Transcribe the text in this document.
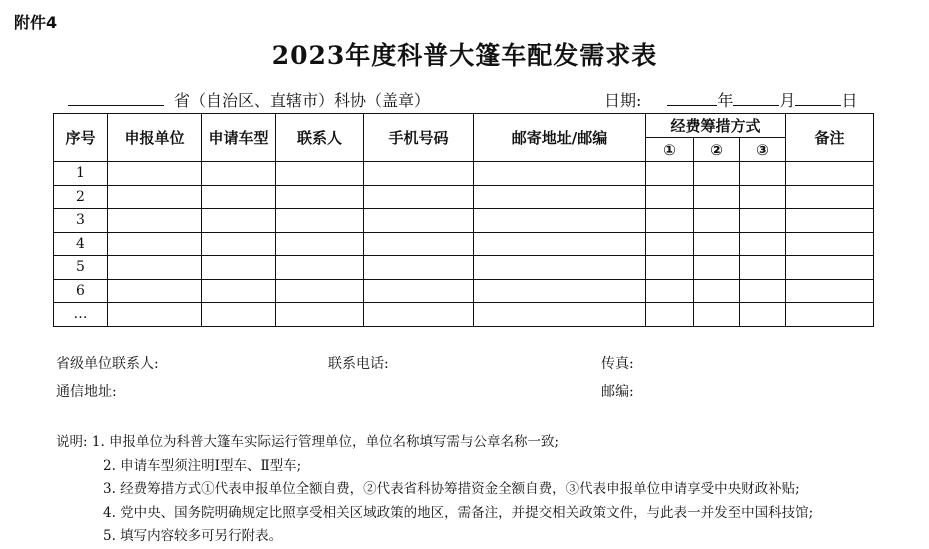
附件4
2023年度科普大篷车配发需求表
省（自治区、直辖市）科协（盖章）	日期:	年	月	日
序号	申报单位	申请车型	联系人	手机号码	邮寄地址/邮编	经费筹措方式			备注
						①	②	③	
1									
2									
3									
4									
5									
6									
…									
省级单位联系人:	联系电话:	传真:
通信地址:	邮编:
说明: 1. 申报单位为科普大篷车实际运行管理单位，单位名称填写需与公章名称一致;
2. 申请车型须注明Ⅰ型车、Ⅱ型车;
3. 经费筹措方式①代表申报单位全额自费，②代表省科协筹措资金全额自费，③代表申报单位申请享受中央财政补贴;
4. 党中央、国务院明确规定比照享受相关区域政策的地区，需备注，并提交相关政策文件，与此表一并发至中国科技馆;
5. 填写内容较多可另行附表。
